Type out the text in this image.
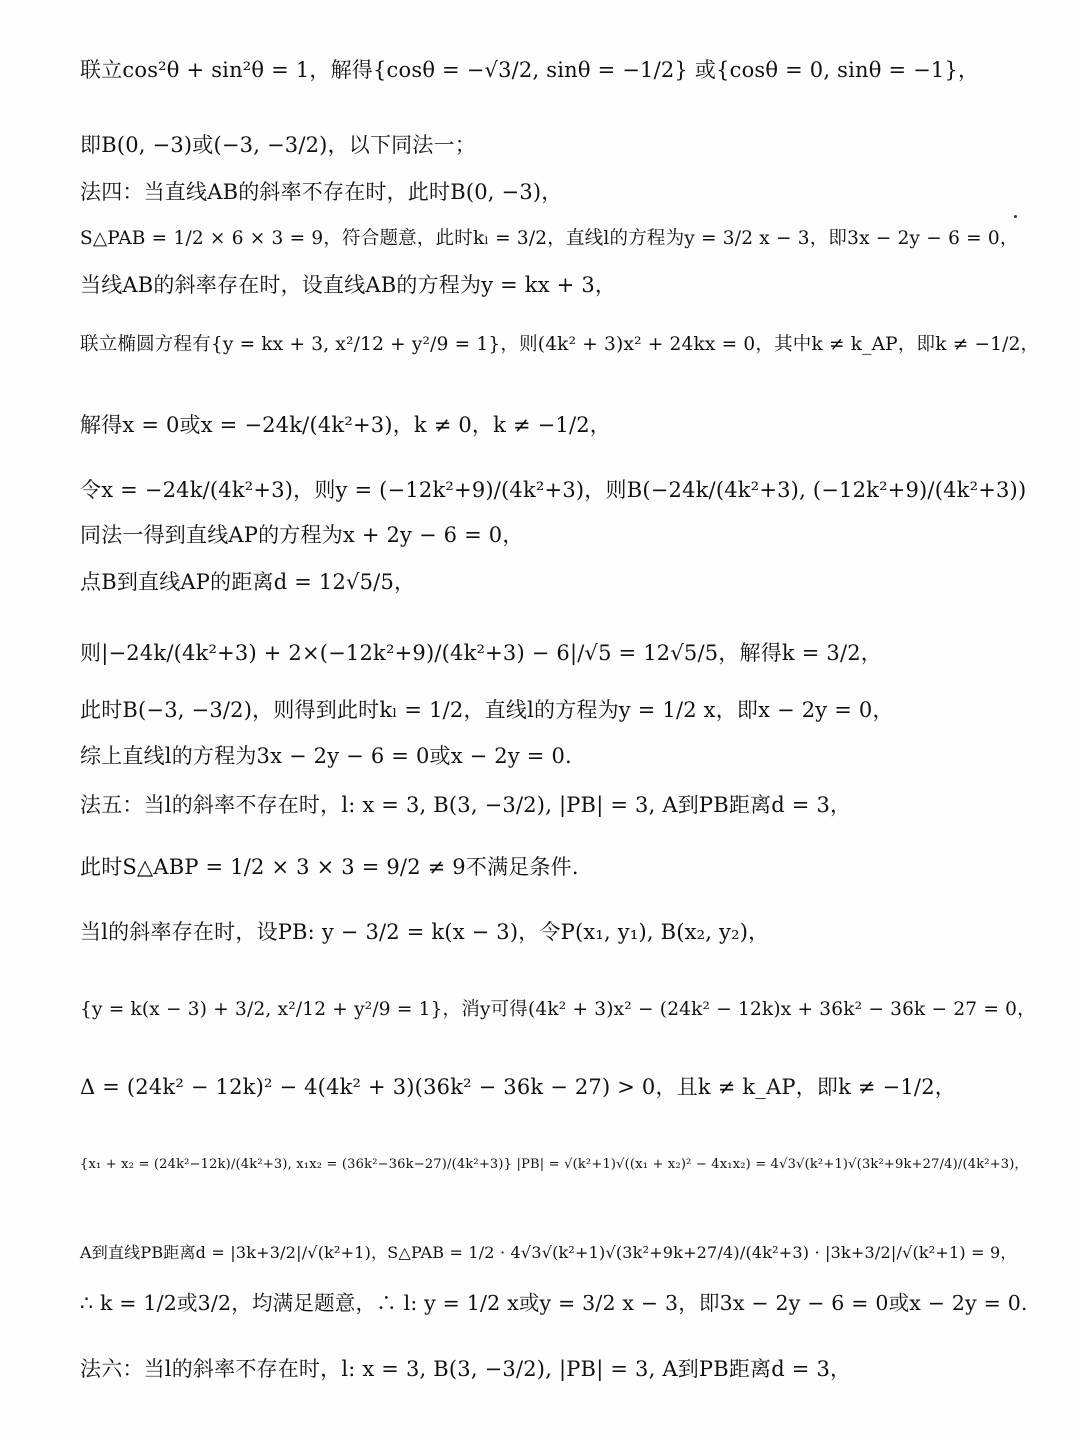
联立cos²θ + sin²θ = 1，解得{cosθ = −√3/2, sinθ = −1/2} 或{cosθ = 0, sinθ = −1}，
即B(0, −3)或(−3, −3/2)，以下同法一；
法四：当直线AB的斜率不存在时，此时B(0, −3)，
S△PAB = 1/2 × 6 × 3 = 9，符合题意，此时kₗ = 3/2，直线l的方程为y = 3/2 x − 3，即3x − 2y − 6 = 0，
当线AB的斜率存在时，设直线AB的方程为y = kx + 3，
联立椭圆方程有{y = kx + 3, x²/12 + y²/9 = 1}，则(4k² + 3)x² + 24kx = 0，其中k ≠ k_AP，即k ≠ −1/2，
解得x = 0或x = −24k/(4k²+3)，k ≠ 0，k ≠ −1/2，
令x = −24k/(4k²+3)，则y = (−12k²+9)/(4k²+3)，则B(−24k/(4k²+3), (−12k²+9)/(4k²+3))
同法一得到直线AP的方程为x + 2y − 6 = 0，
点B到直线AP的距离d = 12√5/5，
则|−24k/(4k²+3) + 2×(−12k²+9)/(4k²+3) − 6|/√5 = 12√5/5，解得k = 3/2，
此时B(−3, −3/2)，则得到此时kₗ = 1/2，直线l的方程为y = 1/2 x，即x − 2y = 0，
综上直线l的方程为3x − 2y − 6 = 0或x − 2y = 0.
法五：当l的斜率不存在时，l: x = 3, B(3, −3/2), |PB| = 3, A到PB距离d = 3，
此时S△ABP = 1/2 × 3 × 3 = 9/2 ≠ 9不满足条件.
当l的斜率存在时，设PB: y − 3/2 = k(x − 3)，令P(x₁, y₁), B(x₂, y₂)，
{y = k(x − 3) + 3/2, x²/12 + y²/9 = 1}，消y可得(4k² + 3)x² − (24k² − 12k)x + 36k² − 36k − 27 = 0，
Δ = (24k² − 12k)² − 4(4k² + 3)(36k² − 36k − 27) > 0，且k ≠ k_AP，即k ≠ −1/2，
{x₁ + x₂ = (24k²−12k)/(4k²+3), x₁x₂ = (36k²−36k−27)/(4k²+3)} |PB| = √(k²+1)√((x₁ + x₂)² − 4x₁x₂) = 4√3√(k²+1)√(3k²+9k+27/4)/(4k²+3)，
A到直线PB距离d = |3k+3/2|/√(k²+1)，S△PAB = 1/2 · 4√3√(k²+1)√(3k²+9k+27/4)/(4k²+3) · |3k+3/2|/√(k²+1) = 9，
∴ k = 1/2或3/2，均满足题意，∴ l: y = 1/2 x或y = 3/2 x − 3，即3x − 2y − 6 = 0或x − 2y = 0.
法六：当l的斜率不存在时，l: x = 3, B(3, −3/2), |PB| = 3, A到PB距离d = 3，
